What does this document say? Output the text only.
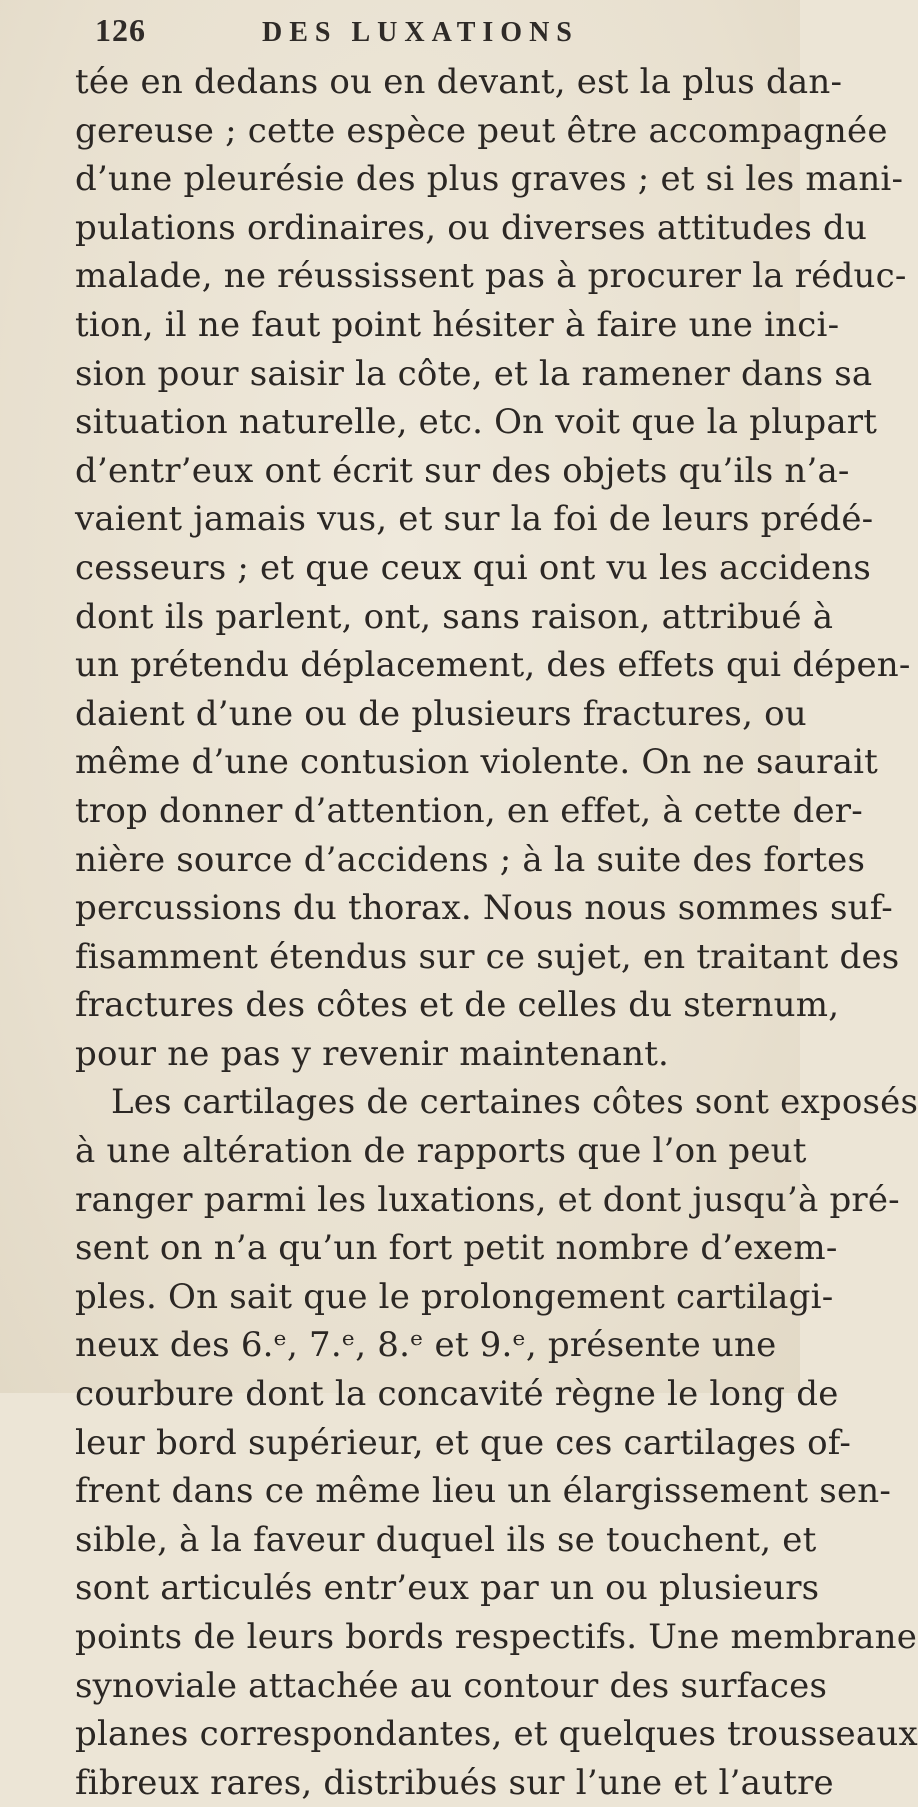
126	DES LUXATIONS
tée en dedans ou en devant, est la plus dan-
gereuse ; cette espèce peut être accompagnée
d’une pleurésie des plus graves ; et si les mani-
pulations ordinaires, ou diverses attitudes du
malade, ne réussissent pas à procurer la réduc-
tion, il ne faut point hésiter à faire une inci-
sion pour saisir la côte, et la ramener dans sa
situation naturelle, etc. On voit que la plupart
d’entr’eux ont écrit sur des objets qu’ils n’a-
vaient jamais vus, et sur la foi de leurs prédé-
cesseurs ; et que ceux qui ont vu les accidens
dont ils parlent, ont, sans raison, attribué à
un prétendu déplacement, des effets qui dépen-
daient d’une ou de plusieurs fractures, ou
même d’une contusion violente. On ne saurait
trop donner d’attention, en effet, à cette der-
nière source d’accidens ; à la suite des fortes
percussions du thorax. Nous nous sommes suf-
fisamment étendus sur ce sujet, en traitant des
fractures des côtes et de celles du sternum,
pour ne pas y revenir maintenant.
Les cartilages de certaines côtes sont exposés
à une altération de rapports que l’on peut
ranger parmi les luxations, et dont jusqu’à pré-
sent on n’a qu’un fort petit nombre d’exem-
ples. On sait que le prolongement cartilagi-
neux des 6.ᵉ, 7.ᵉ, 8.ᵉ et 9.ᵉ, présente une
courbure dont la concavité règne le long de
leur bord supérieur, et que ces cartilages of-
frent dans ce même lieu un élargissement sen-
sible, à la faveur duquel ils se touchent, et
sont articulés entr’eux par un ou plusieurs
points de leurs bords respectifs. Une membrane
synoviale attachée au contour des surfaces
planes correspondantes, et quelques trousseaux
fibreux rares, distribués sur l’une et l’autre
